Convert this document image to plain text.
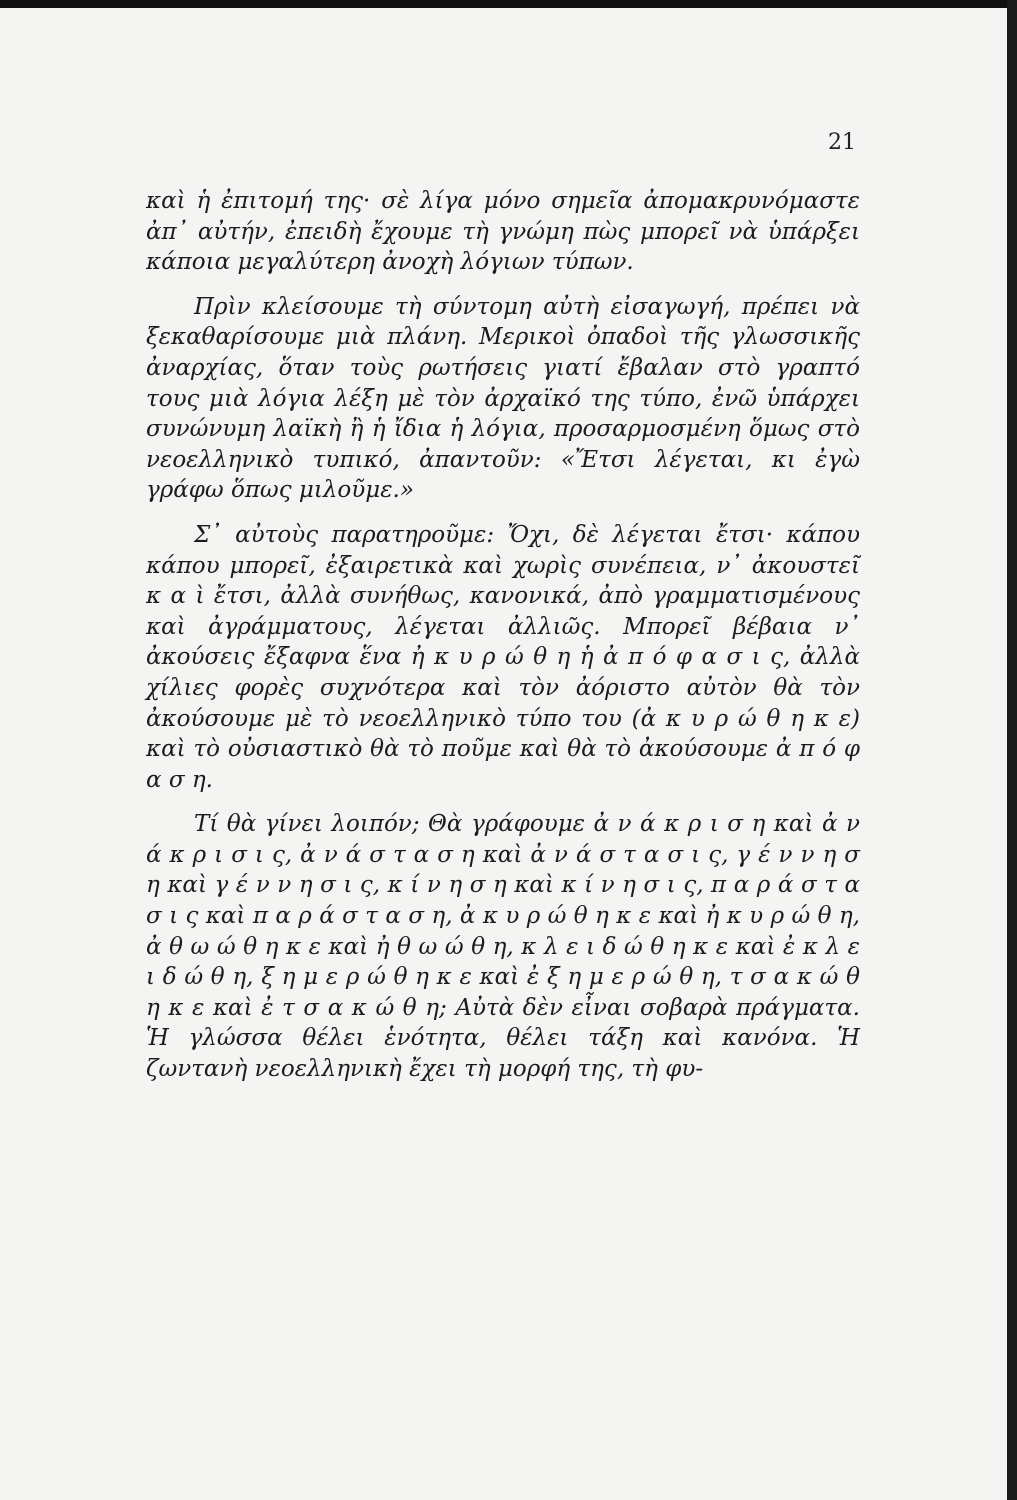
21

καὶ ἡ ἐπιτομή της· σὲ λίγα μόνο σημεῖα ἀπομακρυνόμαστε ἀπ᾿ αὐτήν, ἐπειδὴ ἔχουμε τὴ γνώμη πὼς μπορεῖ νὰ ὑπάρξει κάποια μεγαλύτερη ἀνοχὴ λόγιων τύπων.

Πρὶν κλείσουμε τὴ σύντομη αὐτὴ εἰσαγωγή, πρέπει νὰ ξεκαθαρίσουμε μιὰ πλάνη. Μερικοὶ ὀπαδοὶ τῆς γλωσσικῆς ἀναρχίας, ὅταν τοὺς ρωτήσεις γιατί ἔβαλαν στὸ γραπτό τους μιὰ λόγια λέξη μὲ τὸν ἀρχαϊκό της τύπο, ἐνῶ ὑπάρχει συνώνυμη λαϊκὴ ἢ ἡ ἴδια ἡ λόγια, προσαρμοσμένη ὅμως στὸ νεοελληνικὸ τυπικό, ἀπαντοῦν: «Ἔτσι λέγεται, κι ἐγὼ γράφω ὅπως μιλοῦμε.»

Σ᾿ αὐτοὺς παρατηροῦμε: Ὄχι, δὲ λέγεται ἔτσι· κάπου κάπου μπορεῖ, ἐξαιρετικὰ καὶ χωρὶς συνέπεια, ν᾿ ἀκουστεῖ κ α ὶ ἔτσι, ἀλλὰ συνήθως, κανονικά, ἀπὸ γραμματισμένους καὶ ἀγράμματους, λέγεται ἀλλιῶς. Μπορεῖ βέβαια ν᾿ ἀκούσεις ἔξαφνα ἕνα ἠ κ υ ρ ώ θ η ἡ ἀ π ό φ α σ ι ς, ἀλλὰ χίλιες φορὲς συχνότερα καὶ τὸν ἀόριστο αὐτὸν θὰ τὸν ἀκούσουμε μὲ τὸ νεοελληνικὸ τύπο του (ἀ κ υ ρ ώ θ η κ ε) καὶ τὸ οὐσιαστικὸ θὰ τὸ ποῦμε καὶ θὰ τὸ ἀκούσουμε ἀ π ό φ α σ η.

Τί θὰ γίνει λοιπόν; Θὰ γράφουμε ἀ ν ά κ ρ ι σ η καὶ ἀ ν ά κ ρ ι σ ι ς, ἀ ν ά σ τ α σ η καὶ ἀ ν ά σ τ α σ ι ς, γ έ ν ν η σ η καὶ γ έ ν ν η σ ι ς, κ ί ν η σ η καὶ κ ί ν η σ ι ς, π α ρ ά σ τ α σ ι ς καὶ π α ρ ά σ τ α σ η, ἀ κ υ ρ ώ θ η κ ε καὶ ἠ κ υ ρ ώ θ η, ἀ θ ω ώ θ η κ ε καὶ ἠ θ ω ώ θ η, κ λ ε ι δ ώ θ η κ ε καὶ ἐ κ λ ε ι δ ώ θ η, ξ η μ ε ρ ώ θ η κ ε καὶ ἐ ξ η μ ε ρ ώ θ η, τ σ α κ ώ θ η κ ε καὶ ἐ τ σ α κ ώ θ η; Αὐτὰ δὲν εἶναι σοβαρὰ πράγματα. Ἡ γλώσσα θέλει ἑνότητα, θέλει τάξη καὶ κανόνα. Ἡ ζωντανὴ νεοελληνικὴ ἔχει τὴ μορφή της, τὴ φυ-
